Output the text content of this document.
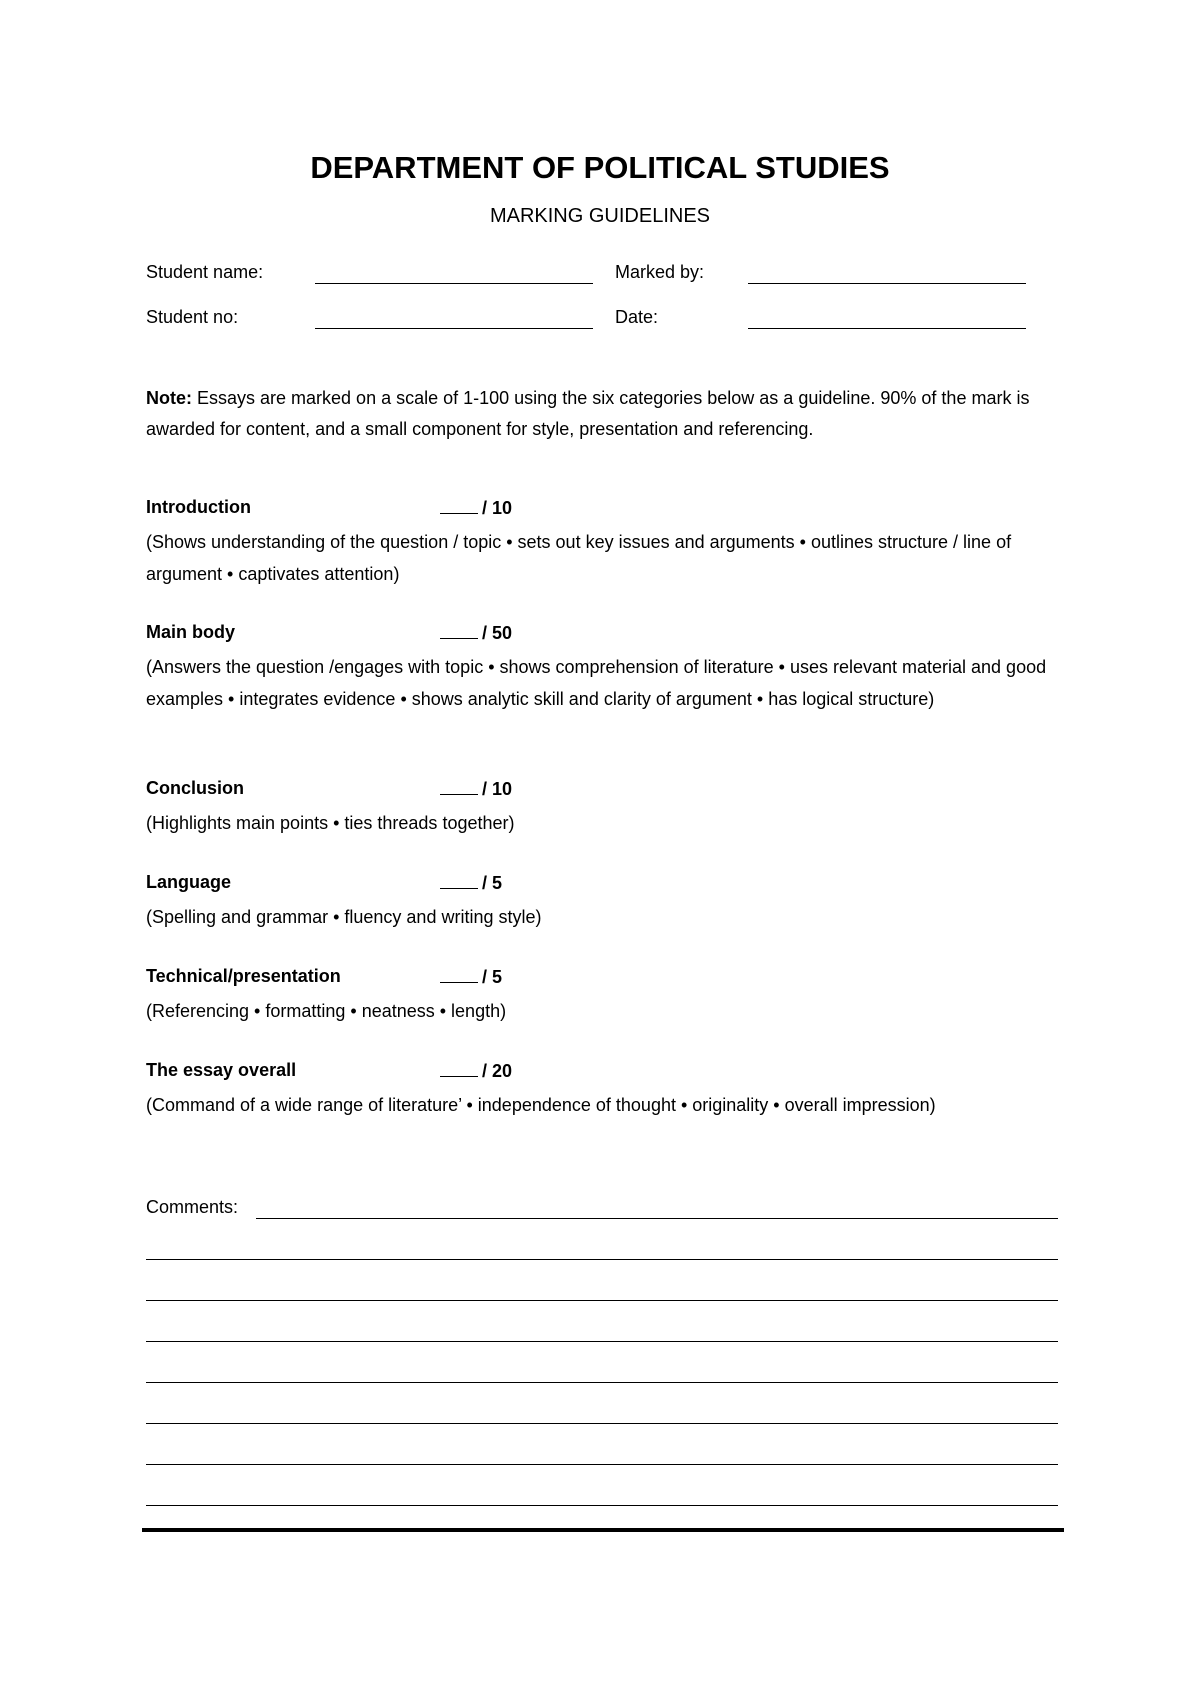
DEPARTMENT OF POLITICAL STUDIES
MARKING GUIDELINES
Student name:	Marked by:
Student no:	Date:
Note: Essays are marked on a scale of 1-100 using the six categories below as a guideline. 90% of the mark is awarded for content, and a small component for style, presentation and referencing.
Introduction	/ 10
(Shows understanding of the question / topic • sets out key issues and arguments • outlines structure / line of argument • captivates attention)
Main body	/ 50
(Answers the question /engages with topic • shows comprehension of literature • uses relevant material and good examples • integrates evidence • shows analytic skill and clarity of argument • has logical structure)
Conclusion	/ 10
(Highlights main points • ties threads together)
Language	/ 5
(Spelling and grammar • fluency and writing style)
Technical/presentation	/ 5
(Referencing • formatting • neatness • length)
The essay overall	/ 20
(Command of a wide range of literature’ • independence of thought • originality • overall impression)
Comments:
